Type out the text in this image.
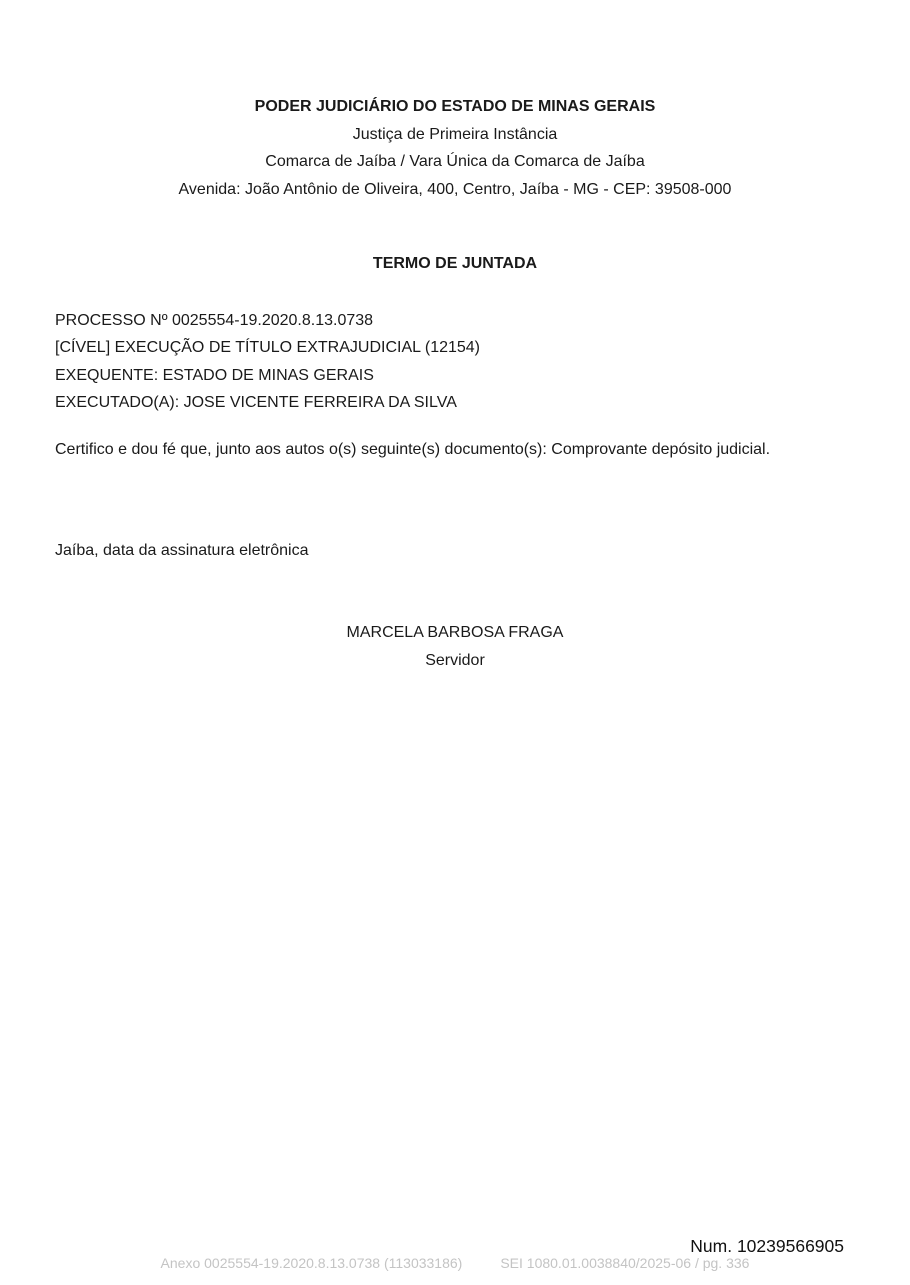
PODER JUDICIÁRIO DO ESTADO DE MINAS GERAIS
Justiça de Primeira Instância
Comarca de Jaíba / Vara Única da Comarca de Jaíba
Avenida: João Antônio de Oliveira, 400, Centro, Jaíba - MG - CEP: 39508-000
TERMO DE JUNTADA
PROCESSO Nº 0025554-19.2020.8.13.0738
[CÍVEL] EXECUÇÃO DE TÍTULO EXTRAJUDICIAL (12154)
EXEQUENTE: ESTADO DE MINAS GERAIS
EXECUTADO(A): JOSE VICENTE FERREIRA DA SILVA
Certifico e dou fé que, junto aos autos o(s) seguinte(s) documento(s): Comprovante depósito judicial.
Jaíba, data da assinatura eletrônica
MARCELA BARBOSA FRAGA
Servidor
Num. 10239566905
Anexo 0025554-19.2020.8.13.0738 (113033186)	SEI 1080.01.0038840/2025-06 / pg. 336
